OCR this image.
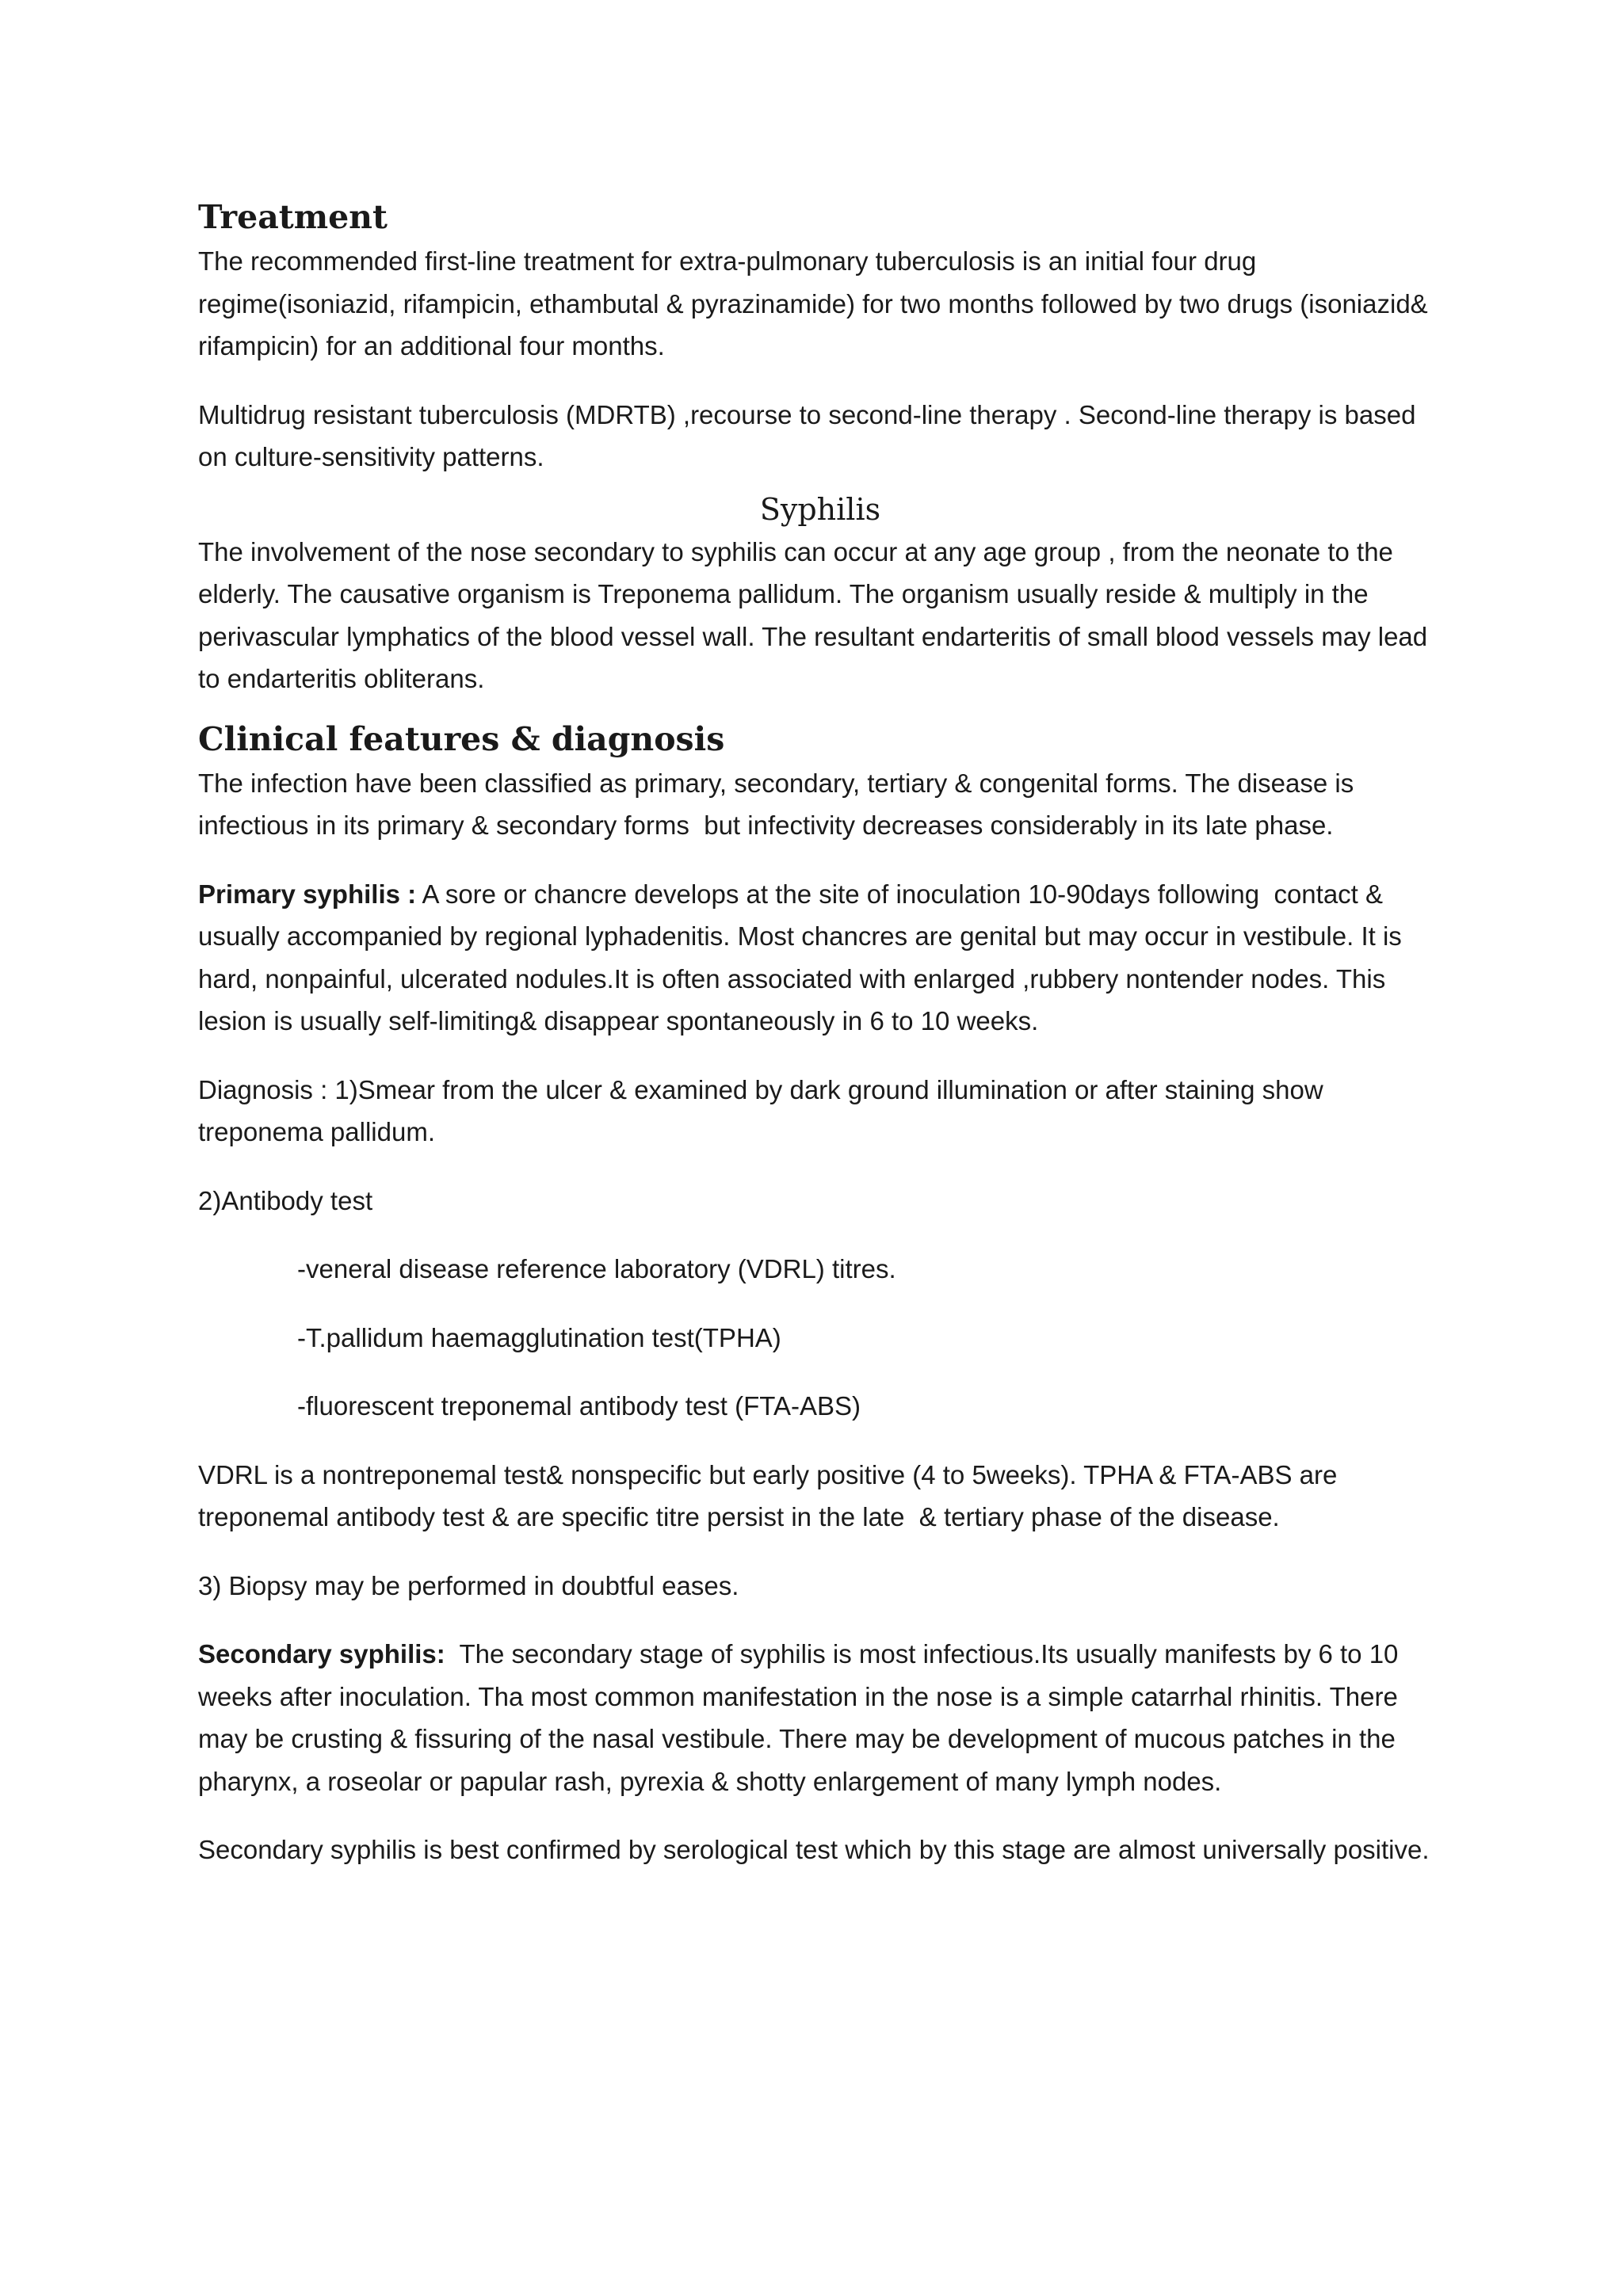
Treatment

The recommended first-line treatment for extra-pulmonary tuberculosis is an initial four drug regime(isoniazid, rifampicin, ethambutal & pyrazinamide) for two months followed by two drugs (isoniazid& rifampicin) for an additional four months.

Multidrug resistant tuberculosis (MDRTB) ,recourse to second-line therapy . Second-line therapy is based on culture-sensitivity patterns.

Syphilis

The involvement of the nose secondary to syphilis can occur at any age group , from the neonate to the elderly. The causative organism is Treponema pallidum. The organism usually reside & multiply in the perivascular lymphatics of the blood vessel wall. The resultant endarteritis of small blood vessels may lead to endarteritis obliterans.

Clinical features & diagnosis

The infection have been classified as primary, secondary, tertiary & congenital forms. The disease is infectious in its primary & secondary forms  but infectivity decreases considerably in its late phase.

Primary syphilis : A sore or chancre develops at the site of inoculation 10-90days following  contact & usually accompanied by regional lyphadenitis. Most chancres are genital but may occur in vestibule. It is hard, nonpainful, ulcerated nodules.It is often associated with enlarged ,rubbery nontender nodes. This lesion is usually self-limiting& disappear spontaneously in 6 to 10 weeks.

Diagnosis : 1)Smear from the ulcer & examined by dark ground illumination or after staining show treponema pallidum.

2)Antibody test

-veneral disease reference laboratory (VDRL) titres.

-T.pallidum haemagglutination test(TPHA)

-fluorescent treponemal antibody test (FTA-ABS)

VDRL is a nontreponemal test& nonspecific but early positive (4 to 5weeks). TPHA & FTA-ABS are treponemal antibody test & are specific titre persist in the late  & tertiary phase of the disease.

3) Biopsy may be performed in doubtful eases.

Secondary syphilis:  The secondary stage of syphilis is most infectious.Its usually manifests by 6 to 10 weeks after inoculation. Tha most common manifestation in the nose is a simple catarrhal rhinitis. There may be crusting & fissuring of the nasal vestibule. There may be development of mucous patches in the pharynx, a roseolar or papular rash, pyrexia & shotty enlargement of many lymph nodes.

Secondary syphilis is best confirmed by serological test which by this stage are almost universally positive.
